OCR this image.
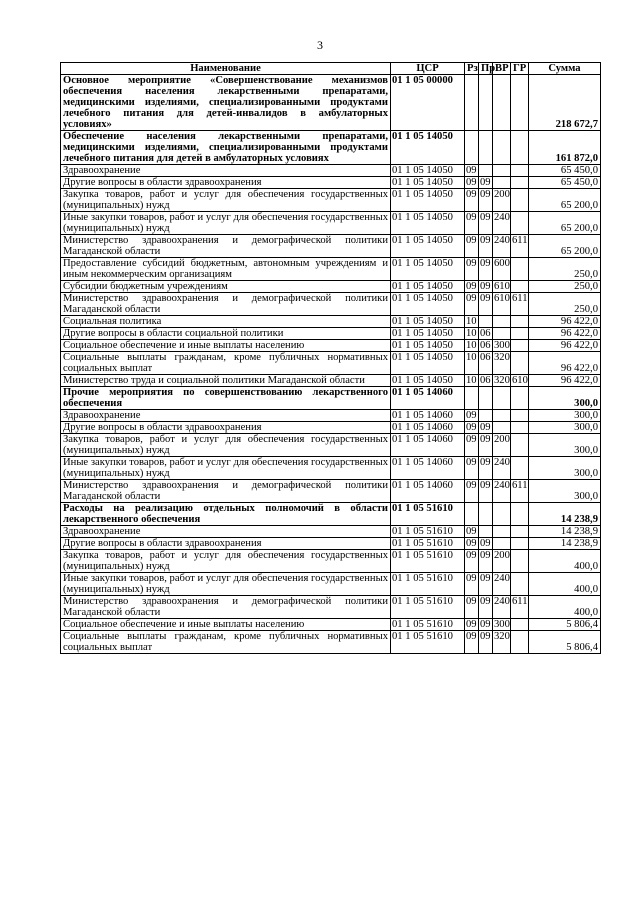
3
Наименование	ЦСР	Рз	Пр	ВР	ГР	Сумма
Основное мероприятие «Совершенствование механизмов обеспечения населения лекарственными препаратами, медицинскими изделиями, специализированными продуктами лечебного питания для детей-инвалидов в амбулаторных условиях»	01 1 05 00000					218 672,7
Обеспечение населения лекарственными препаратами, медицинскими изделиями, специализированными продуктами лечебного питания для детей в амбулаторных условиях	01 1 05 14050					161 872,0
Здравоохранение	01 1 05 14050	09				65 450,0
Другие вопросы в области здравоохранения	01 1 05 14050	09	09			65 450,0
Закупка товаров, работ и услуг для обеспечения государственных (муниципальных) нужд	01 1 05 14050	09	09	200		65 200,0
Иные закупки товаров, работ и услуг для обеспечения государственных (муниципальных) нужд	01 1 05 14050	09	09	240		65 200,0
Министерство здравоохранения и демографической политики Магаданской области	01 1 05 14050	09	09	240	611	65 200,0
Предоставление субсидий бюджетным, автономным учреждениям и иным некоммерческим организациям	01 1 05 14050	09	09	600		250,0
Субсидии бюджетным учреждениям	01 1 05 14050	09	09	610		250,0
Министерство здравоохранения и демографической политики Магаданской области	01 1 05 14050	09	09	610	611	250,0
Социальная политика	01 1 05 14050	10				96 422,0
Другие вопросы в области социальной политики	01 1 05 14050	10	06			96 422,0
Социальное обеспечение и иные выплаты населению	01 1 05 14050	10	06	300		96 422,0
Социальные выплаты гражданам, кроме публичных нормативных социальных выплат	01 1 05 14050	10	06	320		96 422,0
Министерство труда и социальной политики Магаданской области	01 1 05 14050	10	06	320	610	96 422,0
Прочие мероприятия по совершенствованию лекарственного обеспечения	01 1 05 14060					300,0
Здравоохранение	01 1 05 14060	09				300,0
Другие вопросы в области здравоохранения	01 1 05 14060	09	09			300,0
Закупка товаров, работ и услуг для обеспечения государственных (муниципальных) нужд	01 1 05 14060	09	09	200		300,0
Иные закупки товаров, работ и услуг для обеспечения государственных (муниципальных) нужд	01 1 05 14060	09	09	240		300,0
Министерство здравоохранения и демографической политики Магаданской области	01 1 05 14060	09	09	240	611	300,0
Расходы на реализацию отдельных полномочий в области лекарственного обеспечения	01 1 05 51610					14 238,9
Здравоохранение	01 1 05 51610	09				14 238,9
Другие вопросы в области здравоохранения	01 1 05 51610	09	09			14 238,9
Закупка товаров, работ и услуг для обеспечения государственных (муниципальных) нужд	01 1 05 51610	09	09	200		400,0
Иные закупки товаров, работ и услуг для обеспечения государственных (муниципальных) нужд	01 1 05 51610	09	09	240		400,0
Министерство здравоохранения и демографической политики Магаданской области	01 1 05 51610	09	09	240	611	400,0
Социальное обеспечение и иные выплаты населению	01 1 05 51610	09	09	300		5 806,4
Социальные выплаты гражданам, кроме публичных нормативных социальных выплат	01 1 05 51610	09	09	320		5 806,4
